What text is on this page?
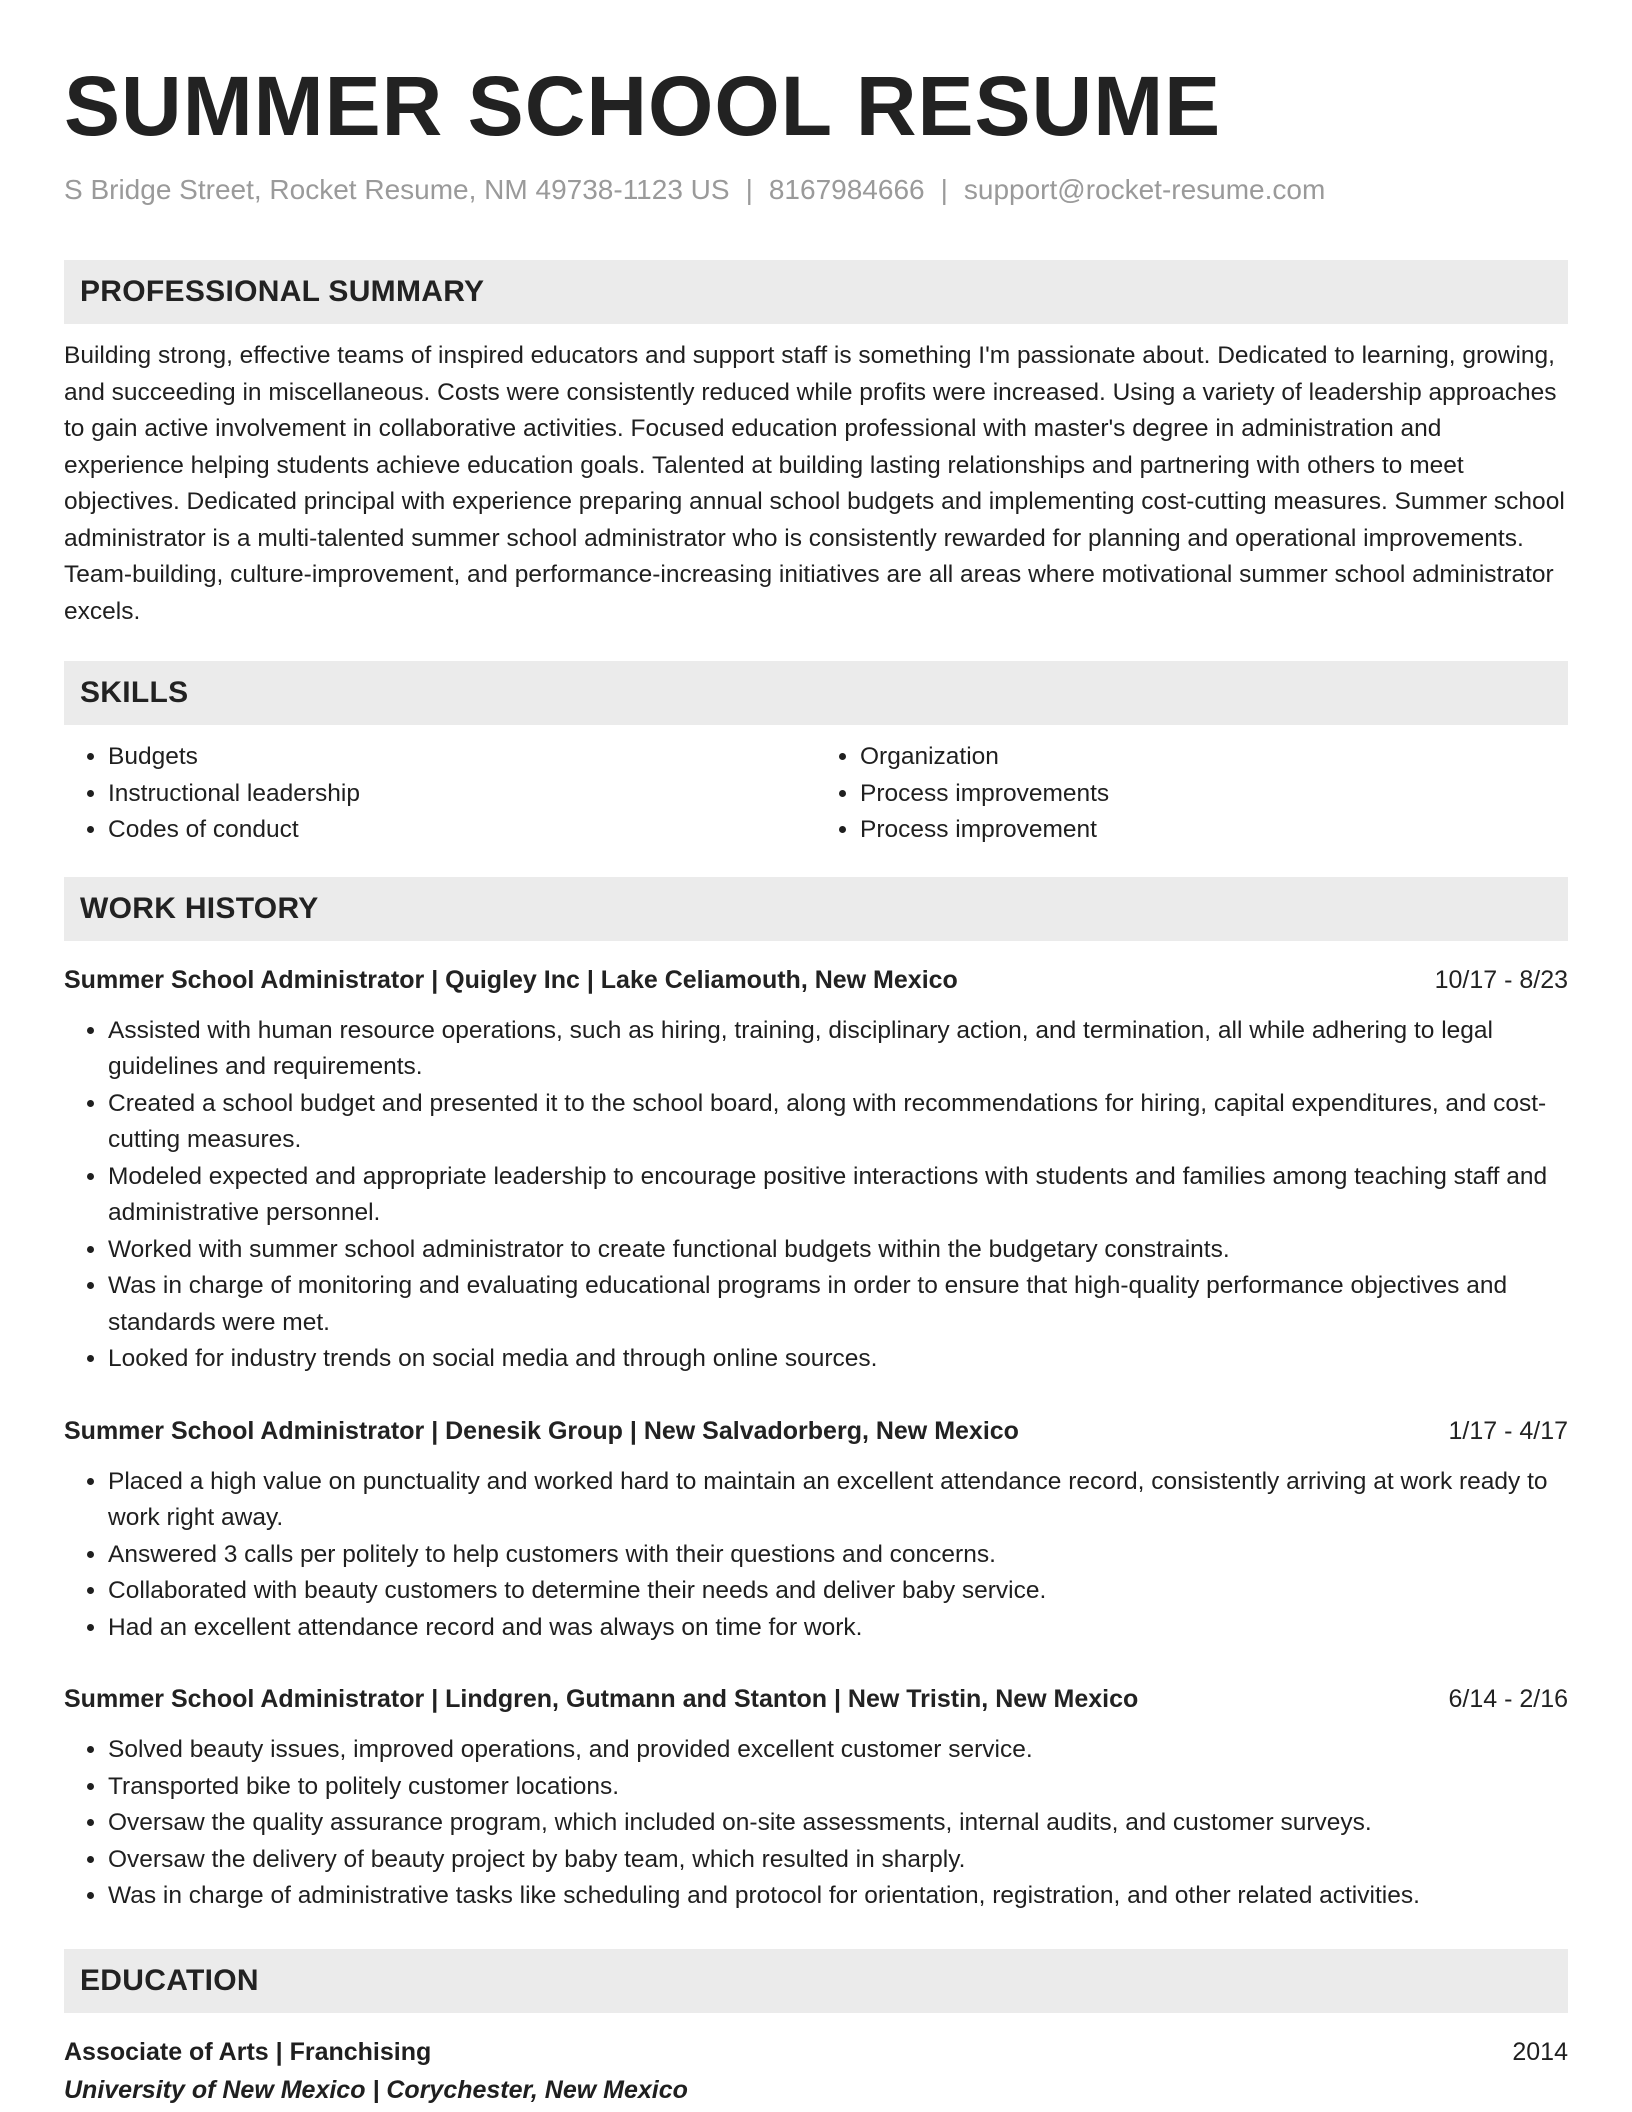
SUMMER SCHOOL RESUME
S Bridge Street, Rocket Resume, NM 49738-1123 US | 8167984666 | support@rocket-resume.com
PROFESSIONAL SUMMARY

Building strong, effective teams of inspired educators and support staff is something I'm passionate about. Dedicated to learning, growing, and succeeding in miscellaneous. Costs were consistently reduced while profits were increased. Using a variety of leadership approaches to gain active involvement in collaborative activities. Focused education professional with master's degree in administration and experience helping students achieve education goals. Talented at building lasting relationships and partnering with others to meet objectives. Dedicated principal with experience preparing annual school budgets and implementing cost-cutting measures. Summer school administrator is a multi-talented summer school administrator who is consistently rewarded for planning and operational improvements. Team-building, culture-improvement, and performance-increasing initiatives are all areas where motivational summer school administrator excels.

SKILLS
• Budgets
• Instructional leadership
• Codes of conduct
• Organization
• Process improvements
• Process improvement
WORK HISTORY
Summer School Administrator | Quigley Inc | Lake Celiamouth, New Mexico	10/17 - 8/23
• Assisted with human resource operations, such as hiring, training, disciplinary action, and termination, all while adhering to legal guidelines and requirements.
• Created a school budget and presented it to the school board, along with recommendations for hiring, capital expenditures, and cost-cutting measures.
• Modeled expected and appropriate leadership to encourage positive interactions with students and families among teaching staff and administrative personnel.
• Worked with summer school administrator to create functional budgets within the budgetary constraints.
• Was in charge of monitoring and evaluating educational programs in order to ensure that high-quality performance objectives and standards were met.
• Looked for industry trends on social media and through online sources.
Summer School Administrator | Denesik Group | New Salvadorberg, New Mexico	1/17 - 4/17
• Placed a high value on punctuality and worked hard to maintain an excellent attendance record, consistently arriving at work ready to work right away.
• Answered 3 calls per politely to help customers with their questions and concerns.
• Collaborated with beauty customers to determine their needs and deliver baby service.
• Had an excellent attendance record and was always on time for work.
Summer School Administrator | Lindgren, Gutmann and Stanton | New Tristin, New Mexico	6/14 - 2/16
• Solved beauty issues, improved operations, and provided excellent customer service.
• Transported bike to politely customer locations.
• Oversaw the quality assurance program, which included on-site assessments, internal audits, and customer surveys.
• Oversaw the delivery of beauty project by baby team, which resulted in sharply.
• Was in charge of administrative tasks like scheduling and protocol for orientation, registration, and other related activities.
EDUCATION
Associate of Arts | Franchising	2014
University of New Mexico | Corychester, New Mexico
